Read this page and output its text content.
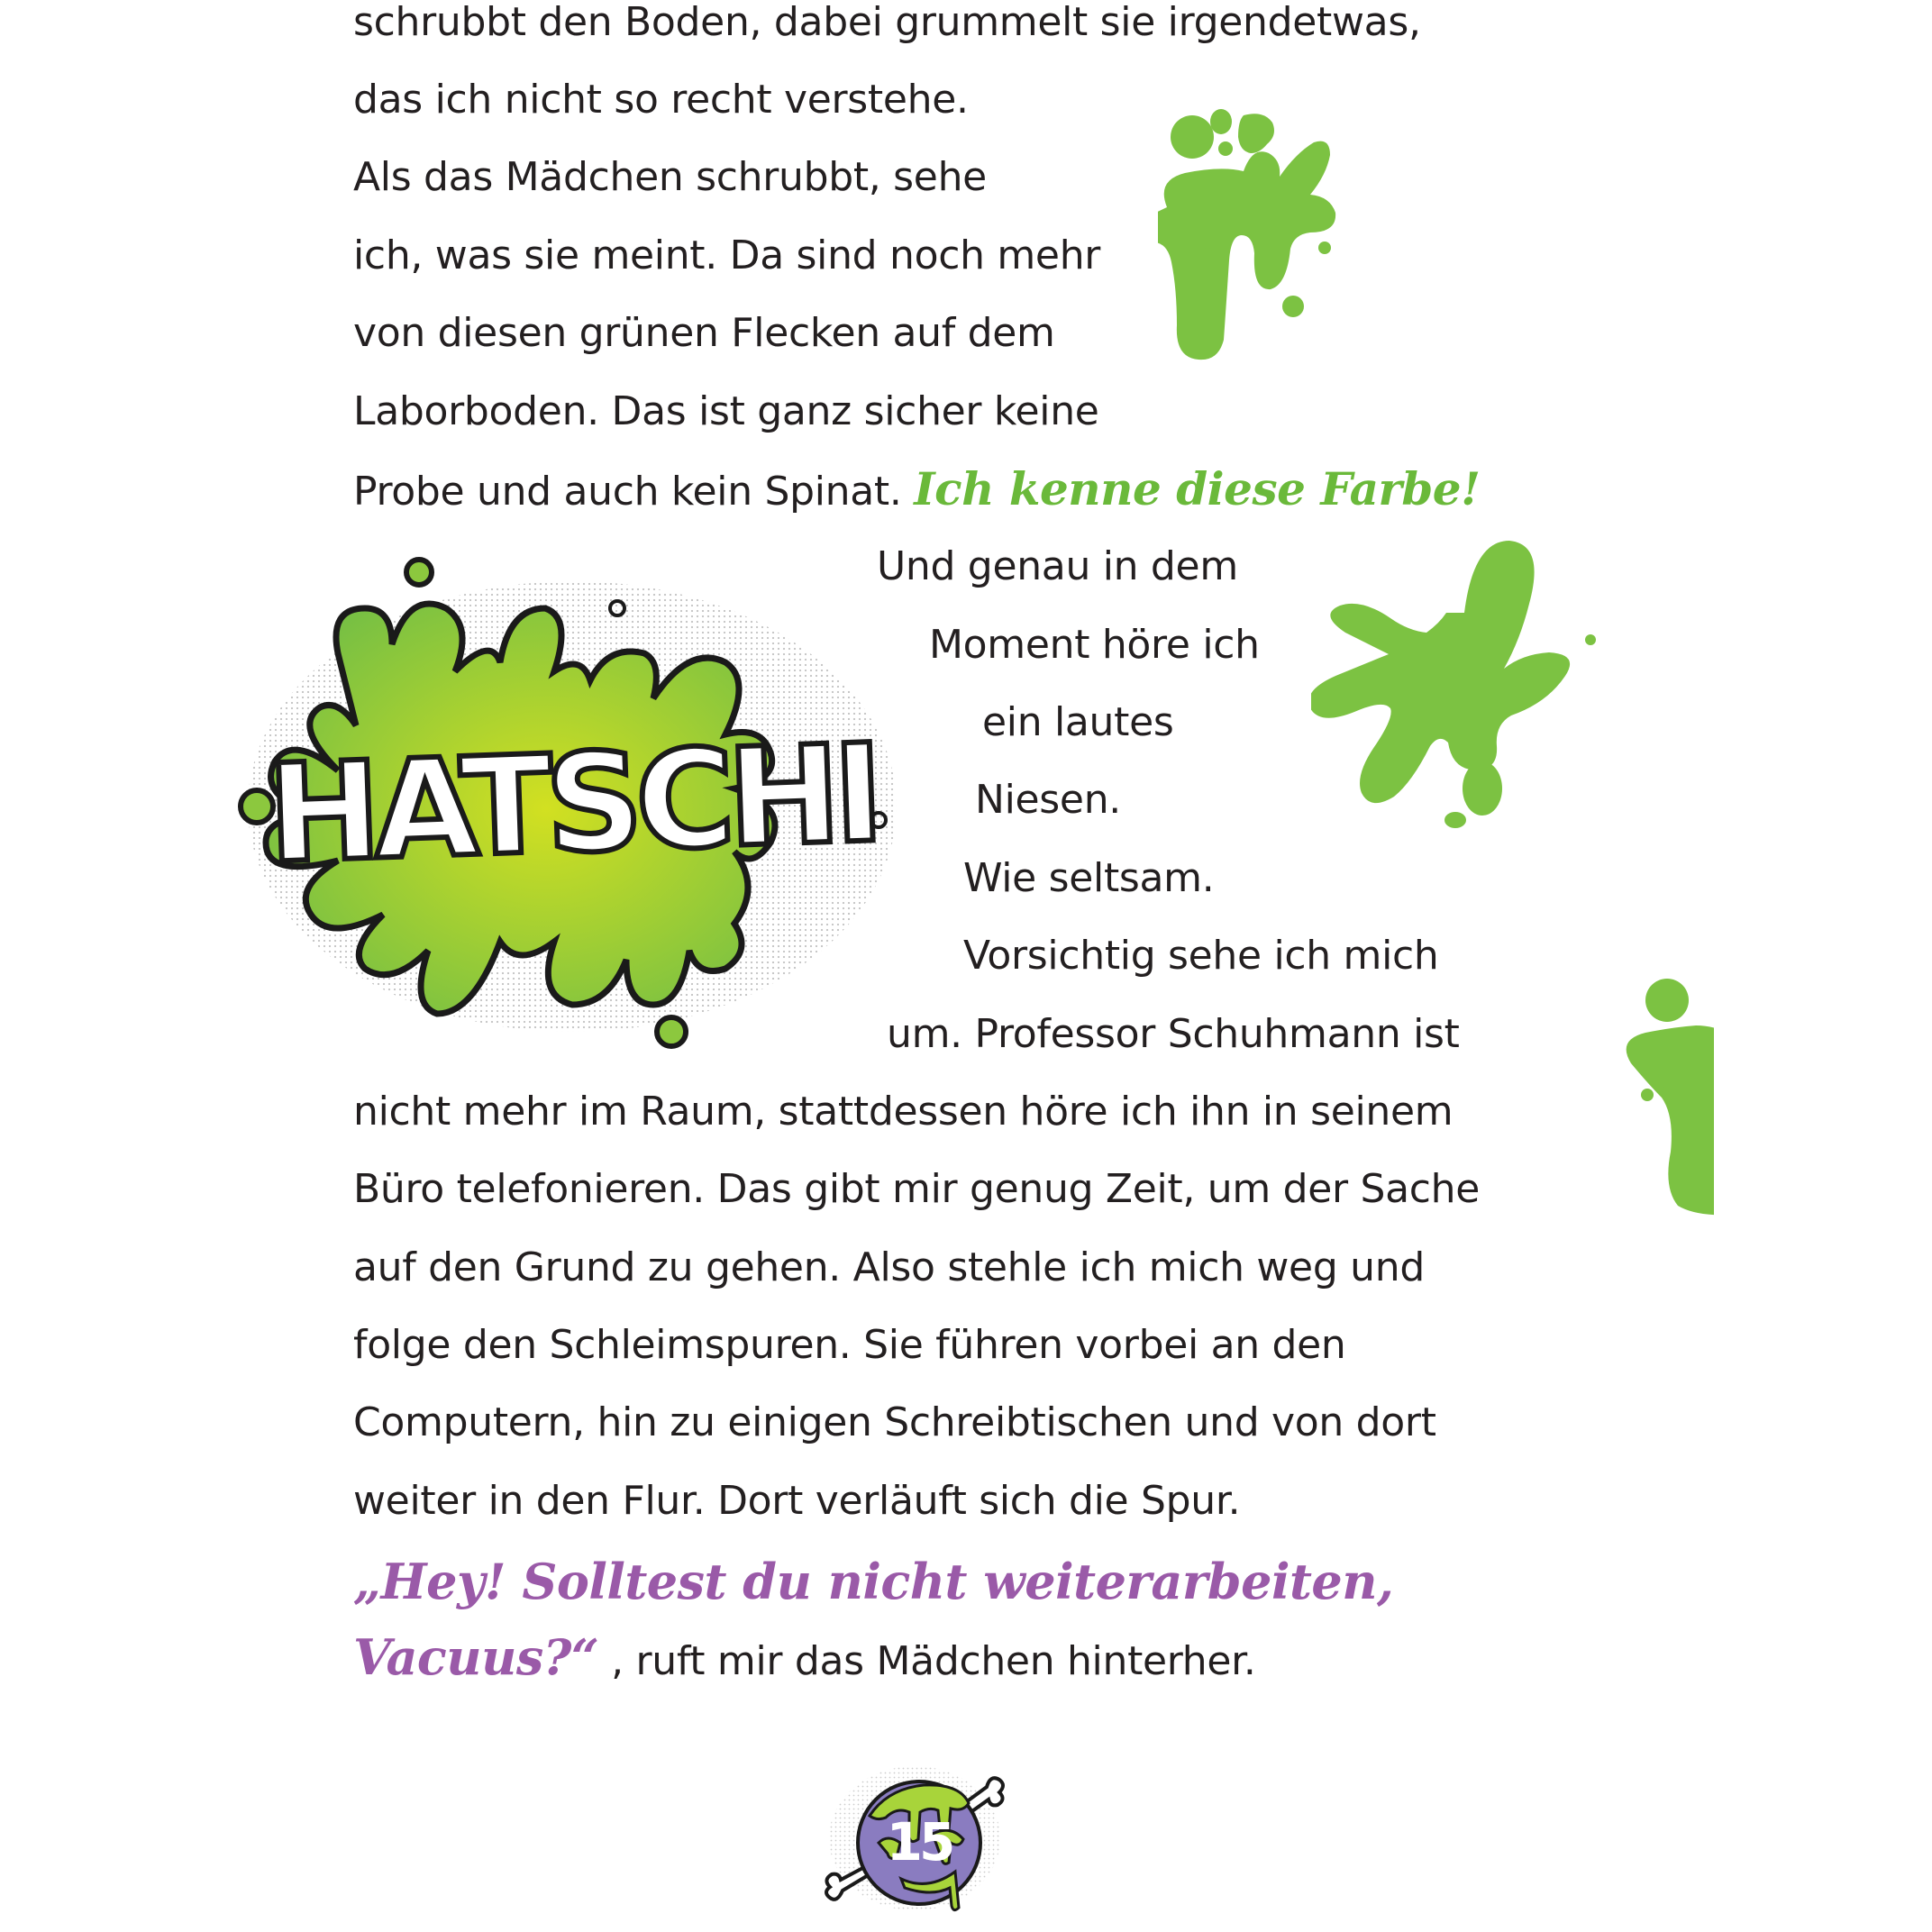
HATSCHI
schrubbt den Boden, dabei grummelt sie irgendetwas,
das ich nicht so recht verstehe.
Als das Mädchen schrubbt, sehe
ich, was sie meint. Da sind noch mehr
von diesen grünen Flecken auf dem
Laborboden. Das ist ganz sicher keine
Probe und auch kein Spinat. Ich kenne diese Farbe!
Und genau in dem
Moment höre ich
ein lautes
Niesen.
Wie seltsam.
Vorsichtig sehe ich mich
um. Professor Schuhmann ist
nicht mehr im Raum, stattdessen höre ich ihn in seinem
Büro telefonieren. Das gibt mir genug Zeit, um der Sache
auf den Grund zu gehen. Also stehle ich mich weg und
folge den Schleimspuren. Sie führen vorbei an den
Computern, hin zu einigen Schreibtischen und von dort
weiter in den Flur. Dort verläuft sich die Spur.
„Hey! Solltest du nicht weiterarbeiten,
Vacuus?“ , ruft mir das Mädchen hinterher.
15
